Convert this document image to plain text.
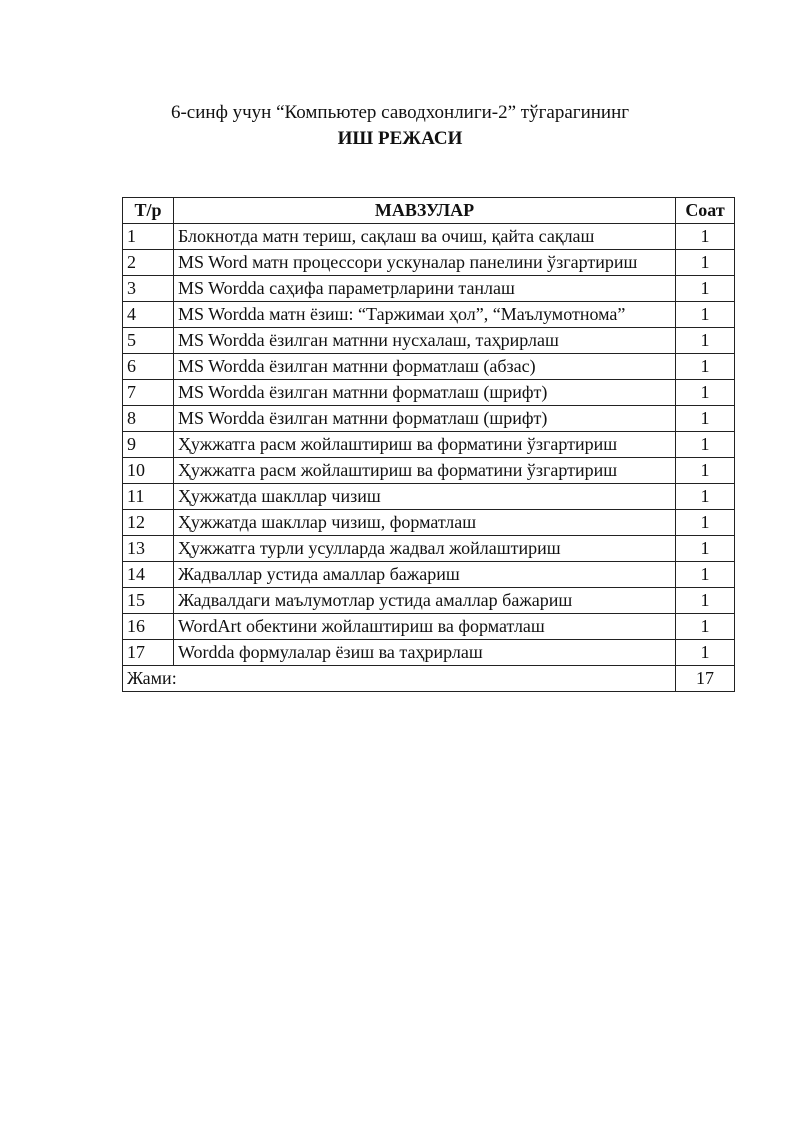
6-синф учун “Компьютер саводхонлиги-2” тўгарагининг
ИШ РЕЖАСИ
Т/р	МАВЗУЛАР	Соат
1	Блокнотда матн териш, сақлаш ва очиш, қайта сақлаш	1
2	MS Word матн процессори ускуналар панелини ўзгартириш	1
3	MS Wordda саҳифа параметрларини танлаш	1
4	MS Wordda матн ёзиш: “Таржимаи ҳол”, “Маълумотнома”	1
5	MS Wordda ёзилган матнни нусхалаш, таҳрирлаш	1
6	MS Wordda ёзилган матнни форматлаш (абзас)	1
7	MS Wordda ёзилган матнни форматлаш (шрифт)	1
8	MS Wordda ёзилган матнни форматлаш (шрифт)	1
9	Ҳужжатга расм жойлаштириш ва форматини ўзгартириш	1
10	Ҳужжатга расм жойлаштириш ва форматини ўзгартириш	1
11	Ҳужжатда шакллар чизиш	1
12	Ҳужжатда шакллар чизиш, форматлаш	1
13	Ҳужжатга турли усулларда жадвал жойлаштириш	1
14	Жадваллар устида амаллар бажариш	1
15	Жадвалдаги маълумотлар устида амаллар бажариш	1
16	WordArt обектини жойлаштириш ва форматлаш	1
17	Wordda формулалар ёзиш ва таҳрирлаш	1
Жами:		17
